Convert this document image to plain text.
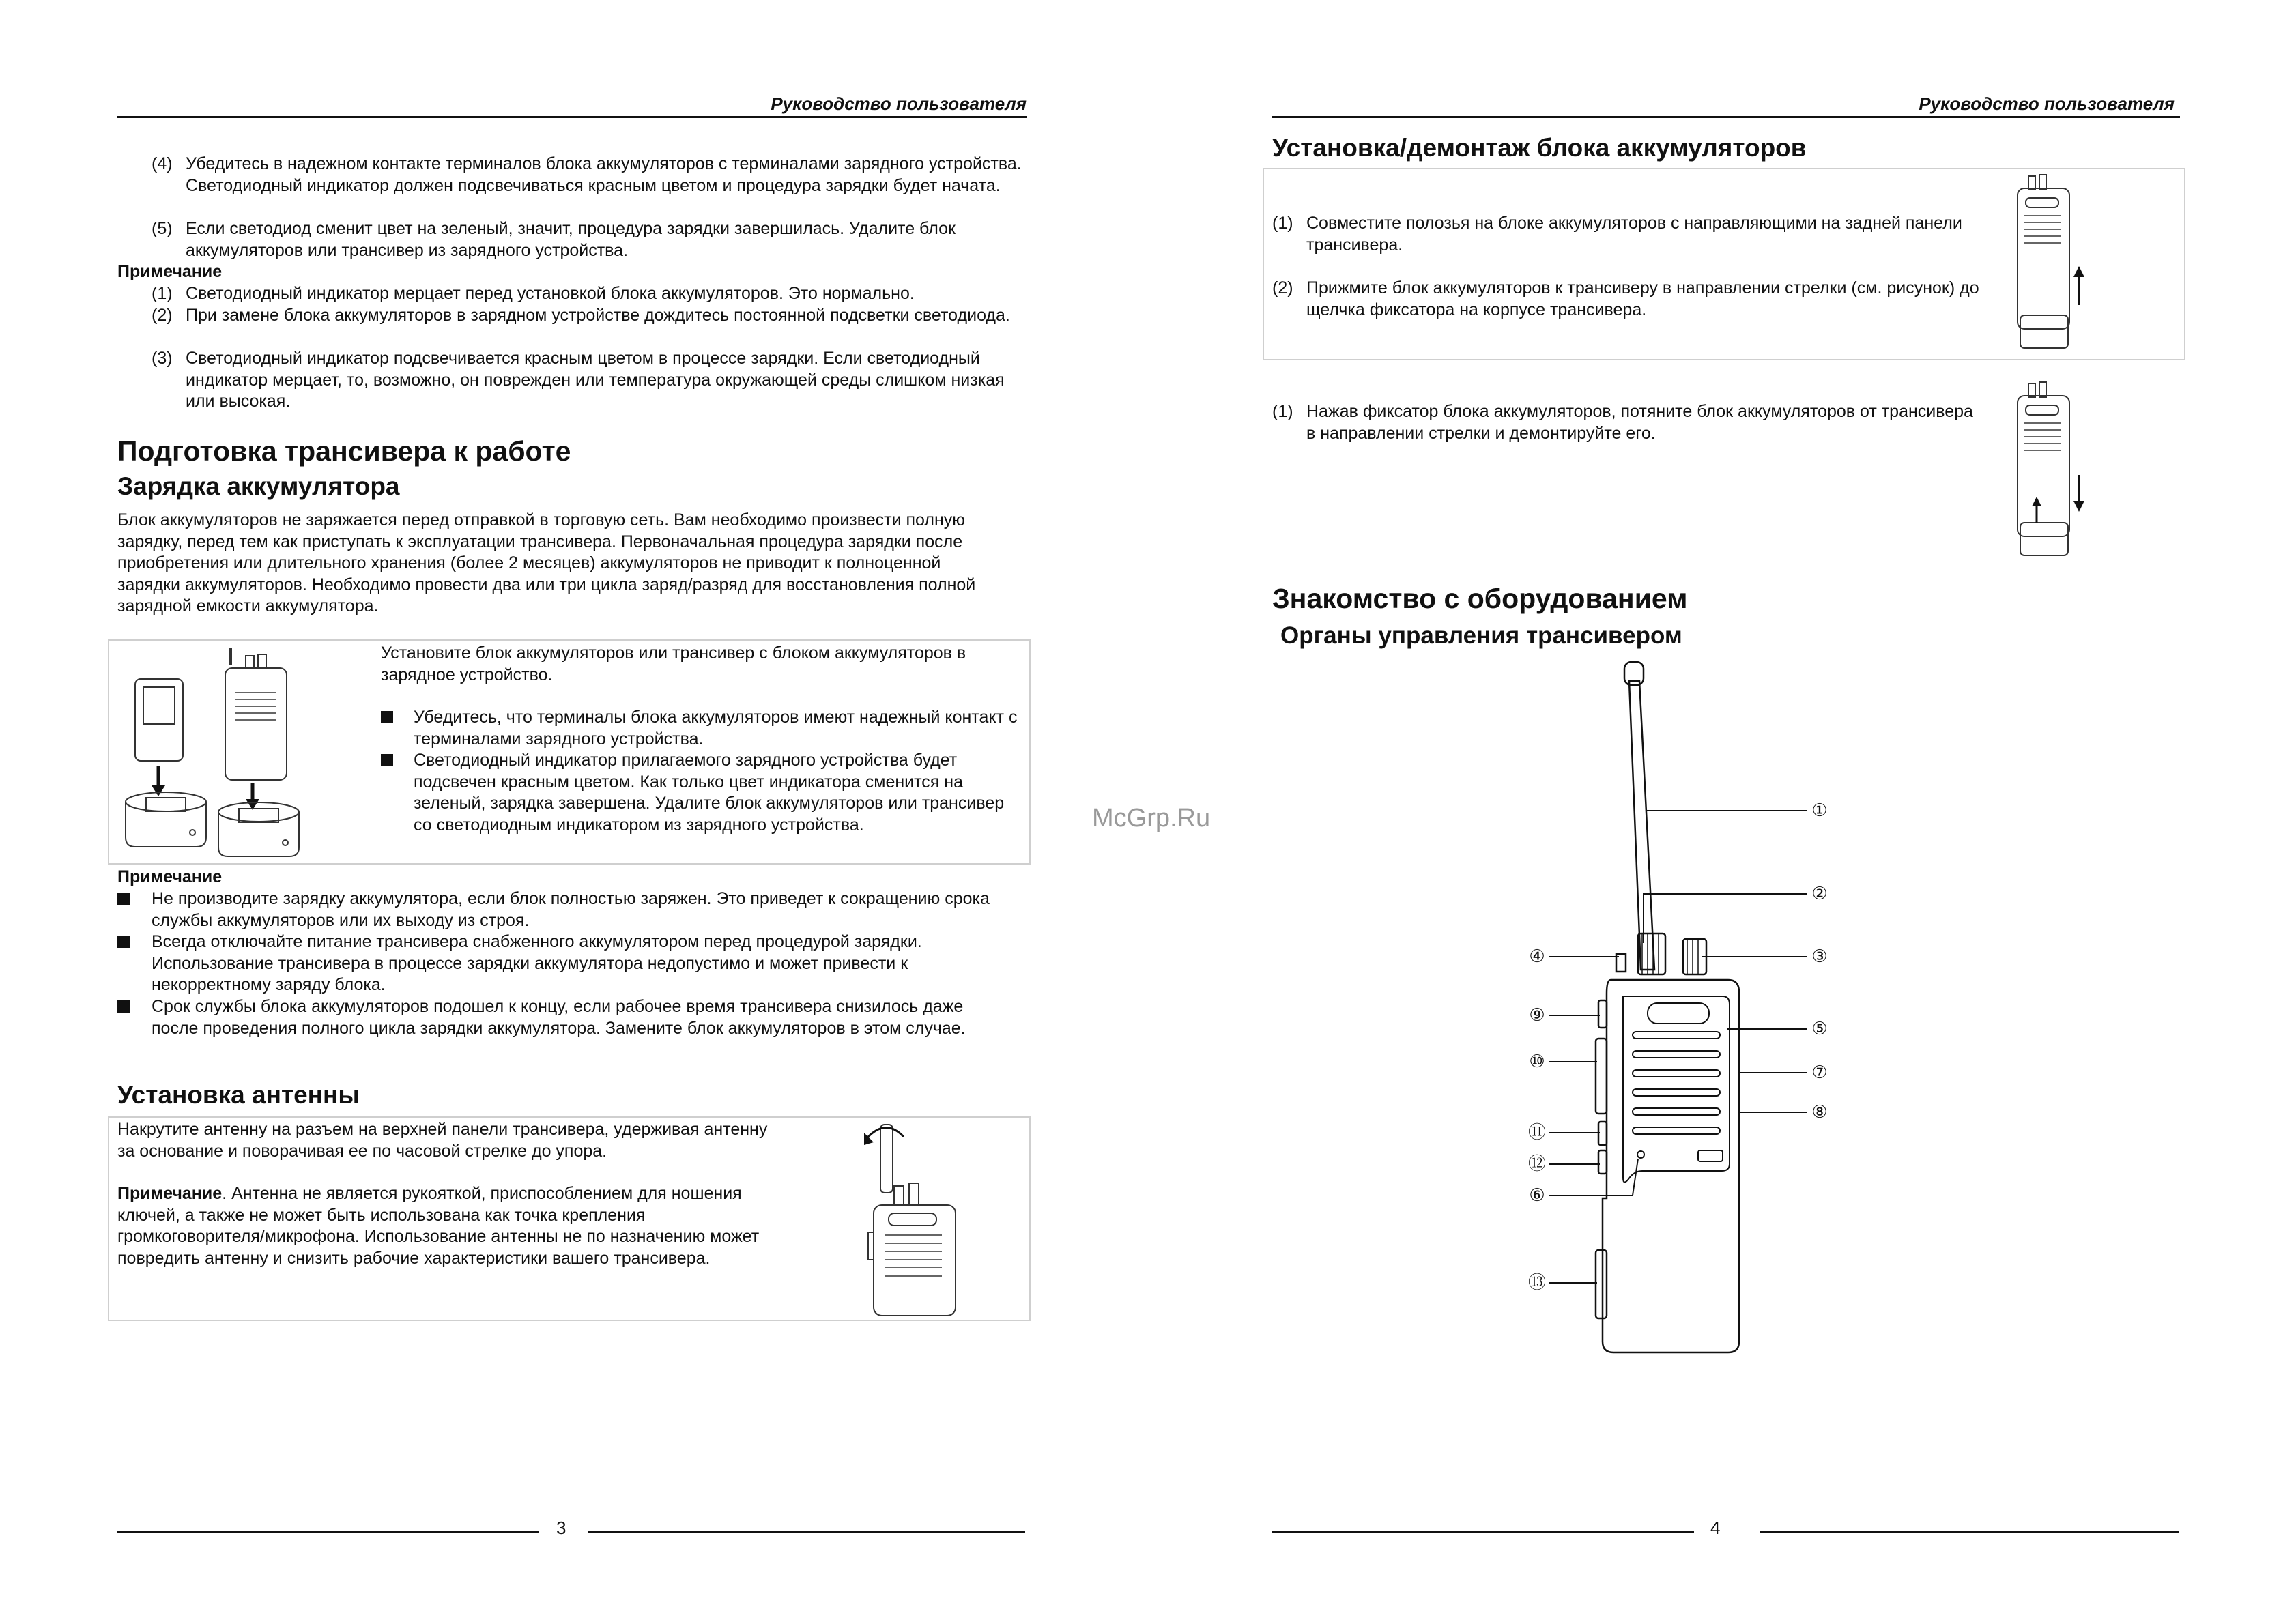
Руководство пользователя
(4) Убедитесь в надежном контакте терминалов блока аккумуляторов с терминалами зарядного устройства. Светодиодный индикатор должен подсвечиваться красным цветом и процедура зарядки будет начата.
(5) Если светодиод сменит цвет на зеленый, значит, процедура зарядки завершилась. Удалите блок аккумуляторов или трансивер из зарядного устройства.
Примечание
(1) Светодиодный индикатор мерцает перед установкой блока аккумуляторов. Это нормально.
(2) При замене блока аккумуляторов в зарядном устройстве дождитесь постоянной подсветки светодиода.
(3) Светодиодный индикатор подсвечивается красным цветом в процессе зарядки. Если светодиодный индикатор мерцает, то, возможно, он поврежден или температура окружающей среды слишком низкая или высокая.
Подготовка трансивера к работе
Зарядка аккумулятора
Блок аккумуляторов не заряжается перед отправкой в торговую сеть. Вам необходимо произвести полную зарядку, перед тем как приступать к эксплуатации трансивера. Первоначальная процедура зарядки после приобретения или длительного хранения (более 2 месяцев) аккумуляторов не приводит к полноценной зарядки аккумуляторов. Необходимо провести два или три цикла заряд/разряд для восстановления полной зарядной емкости аккумулятора.
Установите блок аккумуляторов или трансивер с блоком аккумуляторов в зарядное устройство.
Убедитесь, что терминалы блока аккумуляторов имеют надежный контакт с терминалами зарядного устройства.
Светодиодный индикатор прилагаемого зарядного устройства будет подсвечен красным цветом. Как только цвет индикатора сменится на зеленый, зарядка завершена. Удалите блок аккумуляторов или трансивер со светодиодным индикатором из зарядного устройства.
Примечание
Не производите зарядку аккумулятора, если блок полностью заряжен. Это приведет к сокращению срока службы аккумуляторов или их выходу из строя.
Всегда отключайте питание трансивера снабженного аккумулятором перед процедурой зарядки. Использование трансивера в процессе зарядки аккумулятора недопустимо и может привести к некорректному заряду блока.
Срок службы блока аккумуляторов подошел к концу, если рабочее время трансивера снизилось даже после проведения полного цикла зарядки аккумулятора. Замените блок аккумуляторов в этом случае.
Установка антенны
Накрутите антенну на разъем на верхней панели трансивера, удерживая антенну за основание и поворачивая ее по часовой стрелке до упора.
Примечание. Антенна не является рукояткой, приспособлением для ношения ключей, а также не может быть использована как точка крепления громкоговорителя/микрофона. Использование антенны не по назначению может повредить антенну и снизить рабочие характеристики вашего трансивера.
3
McGrp.Ru
Руководство пользователя
Установка/демонтаж блока аккумуляторов
(1) Совместите полозья на блоке аккумуляторов с направляющими на задней панели трансивера.
(2) Прижмите блок аккумуляторов к трансиверу в направлении стрелки (см. рисунок) до щелчка фиксатора на корпусе трансивера.
(1) Нажав фиксатор блока аккумуляторов, потяните блок аккумуляторов от трансивера в направлении стрелки и демонтируйте его.
Знакомство с оборудованием
Органы управления трансивером
①
②
③
④
⑤
⑥
⑦
⑧
⑨
⑩
⑪
⑫
⑬
4
